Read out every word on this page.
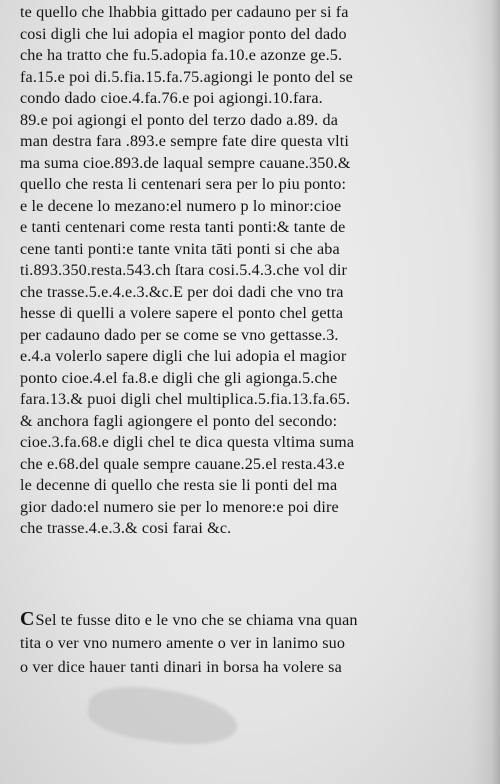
te quello che lhabbia gittado per cadauno per si fa
cosi digli che lui adopia el magior ponto del dado
che ha tratto che fu.5.adopia fa.10.e azonze ge.5.
fa.15.e poi di.5.fia.15.fa.75.agiongi le ponto del se
condo dado cioe.4.fa.76.e poi agiongi.10.fara.
89.e poi agiongi el ponto del terzo dado a.89. da
man destra fara .893.e sempre fate dire questa vlti
ma suma cioe.893.de laqual sempre cauane.350.&
quello che resta li centenari sera per lo piu ponto:
e le decene lo mezano:el numero p lo minor:cioe
e tanti centenari come resta tanti ponti:& tante de
cene tanti ponti:e tante vnita tāti ponti si che aba
ti.893.350.resta.543.ch ſtara cosi.5.4.3.che vol dir
che trasse.5.e.4.e.3.&c.E per doi dadi che vno tra
hesse di quelli a volere sapere el ponto chel getta
per cadauno dado per se come se vno gettasse.3.
e.4.a volerlo sapere digli che lui adopia el magior
ponto cioe.4.el fa.8.e digli che gli agionga.5.che
fara.13.& puoi digli chel multiplica.5.fia.13.fa.65.
& anchora fagli agiongere el ponto del secondo:
cioe.3.fa.68.e digli chel te dica questa vltima suma
che e.68.del quale sempre cauane.25.el resta.43.e
le decenne di quello che resta sie li ponti del ma
gior dado:el numero sie per lo menore:e poi dire
che trasse.4.e.3.& cosi farai &c.
CSel te fusse dito e le vno che se chiama vna quan
tita o ver vno numero amente o ver in lanimo suo
o ver dice hauer tanti dinari in borsa ha volere sa
